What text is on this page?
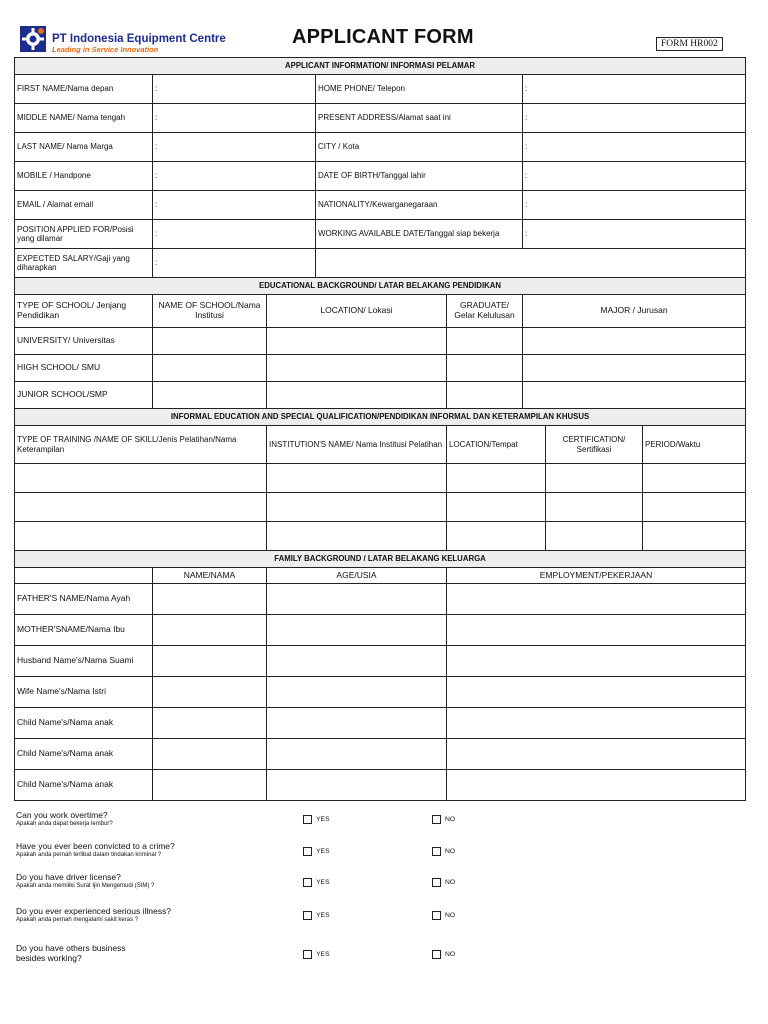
PT Indonesia Equipment Centre
Leading in Service Innovation
APPLICANT FORM	FORM HR002
APPLICANT INFORMATION/ INFORMASI PELAMAR			
FIRST NAME/Nama depan	:	HOME PHONE/ Telepon	:
MIDDLE NAME/ Nama tengah	:	PRESENT ADDRESS/Alamat saat ini	:
LAST NAME/ Nama Marga	:	CITY / Kota	:
MOBILE / Handpone	:	DATE OF BIRTH/Tanggal lahir	:
EMAIL / Alamat email	:	NATIONALITY/Kewarganegaraan	:
POSITION APPLIED FOR/Posisi yang dilamar	:	WORKING AVAILABLE DATE/Tanggal siap bekerja	:
EXPECTED SALARY/Gaji yang diharapkan	:		
EDUCATIONAL BACKGROUND/ LATAR BELAKANG PENDIDIKAN				
TYPE OF SCHOOL/ Jenjang Pendidikan	NAME OF SCHOOL/Nama Institusi	LOCATION/ Lokasi	GRADUATE/ Gelar Kelulusan	MAJOR / Jurusan
UNIVERSITY/ Universitas				
HIGH SCHOOL/ SMU				
JUNIOR SCHOOL/SMP				
INFORMAL EDUCATION AND SPECIAL QUALIFICATION/PENDIDIKAN INFORMAL DAN KETERAMPILAN KHUSUS				
TYPE OF TRAINING /NAME OF SKILL/Jenis Pelatihan/Nama Keterampilan	INSTITUTION'S NAME/ Nama Institusi Pelatihan	LOCATION/Tempat	CERTIFICATION/ Sertifikasi	PERIOD/Waktu

FAMILY BACKGROUND / LATAR BELAKANG KELUARGA			
	NAME/NAMA	AGE/USIA	EMPLOYMENT/PEKERJAAN
FATHER'S NAME/Nama Ayah			
MOTHER'SNAME/Nama Ibu			
Husband Name's/Nama Suami			
Wife Name's/Nama Istri			
Child Name's/Nama anak			
Child Name's/Nama anak			
Child Name's/Nama anak			
Can you work overtime?
Apakah anda dapat bekerja lembur?
YES	NO
Have you ever been convicted to a crime?
Apakah anda pernah terlibat dalam tindakan kriminal ?	YES	NO
Do you have driver license?
Apakah anda memiliki Surat Ijin Mengemudi (SIM) ?	YES	NO
Do you ever experienced serious illness?
Apakah anda pernah mengalami sakit keras ?
YES	NO
Do you have others business besides working?	YES	NO
